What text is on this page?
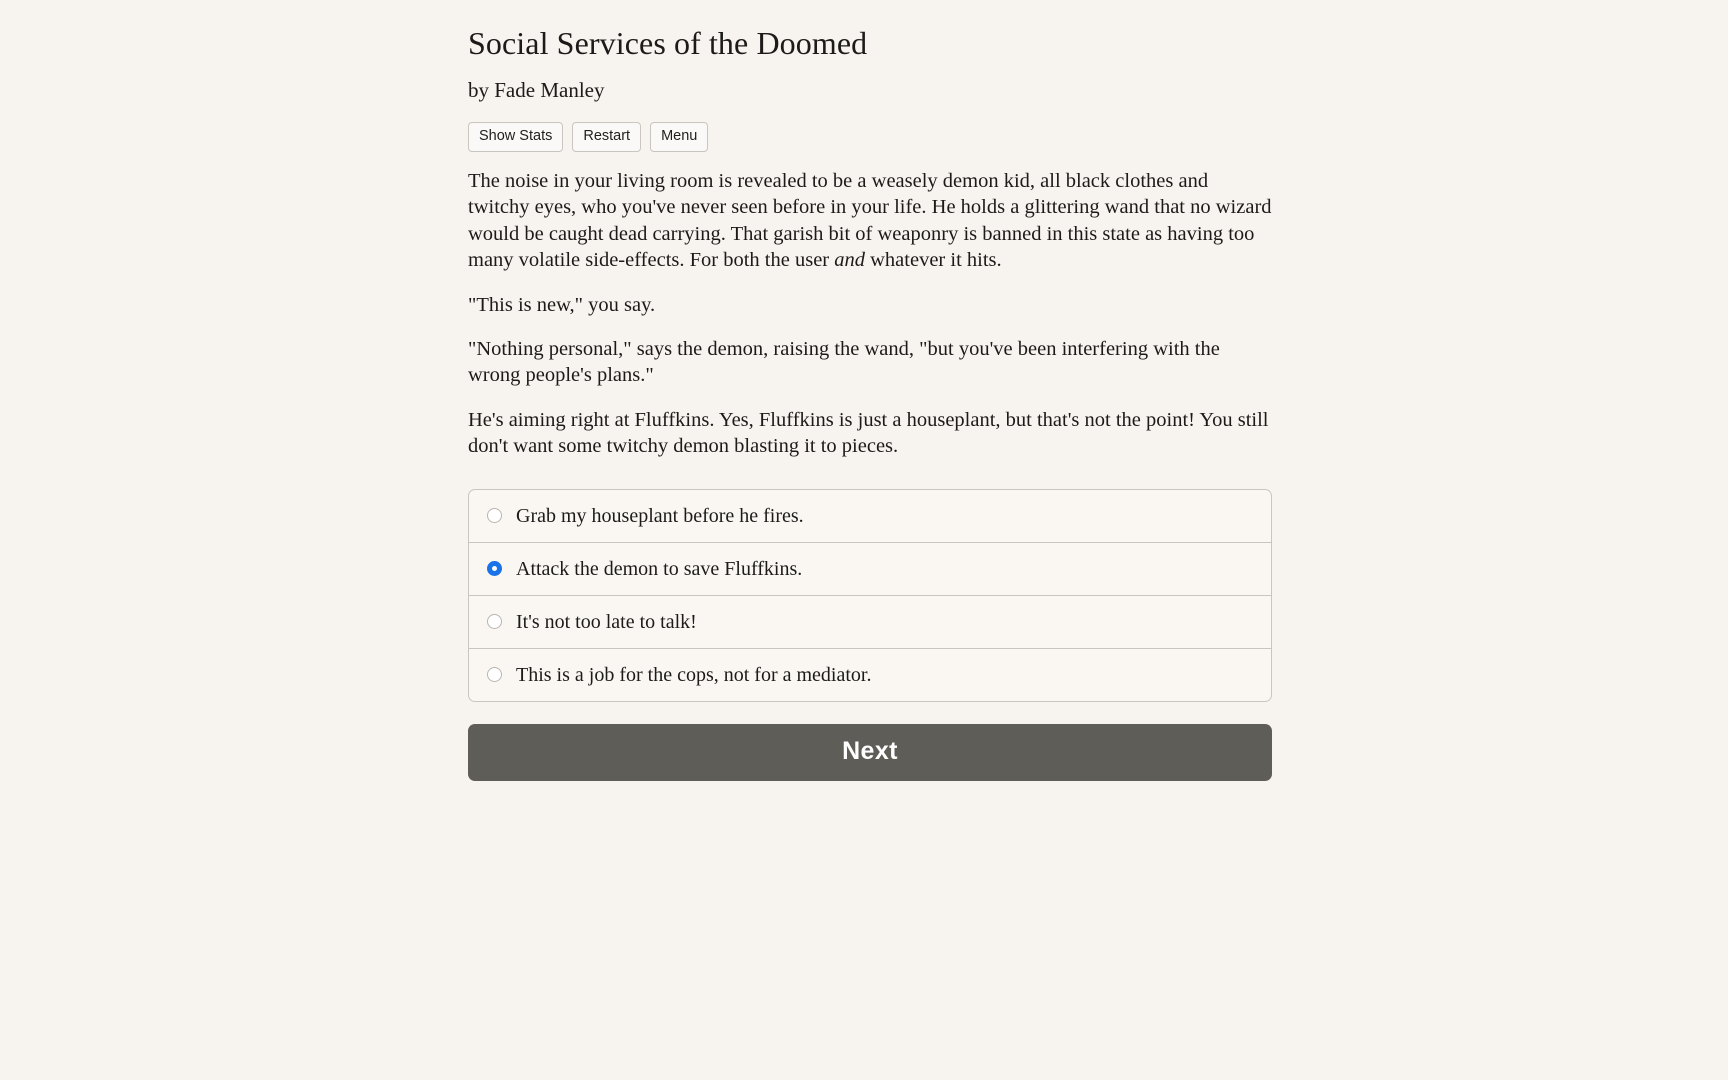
Social Services of the Doomed
by Fade Manley
Show Stats	Restart	Menu

The noise in your living room is revealed to be a weasely demon kid, all black clothes and twitchy eyes, who you've never seen before in your life. He holds a glittering wand that no wizard would be caught dead carrying. That garish bit of weaponry is banned in this state as having too many volatile side-effects. For both the user and whatever it hits.

"This is new," you say.

"Nothing personal," says the demon, raising the wand, "but you've been interfering with the wrong people's plans."

He's aiming right at Fluffkins. Yes, Fluffkins is just a houseplant, but that's not the point! You still don't want some twitchy demon blasting it to pieces.

Grab my houseplant before he fires.
Attack the demon to save Fluffkins.
It's not too late to talk!
This is a job for the cops, not for a mediator.
Next
